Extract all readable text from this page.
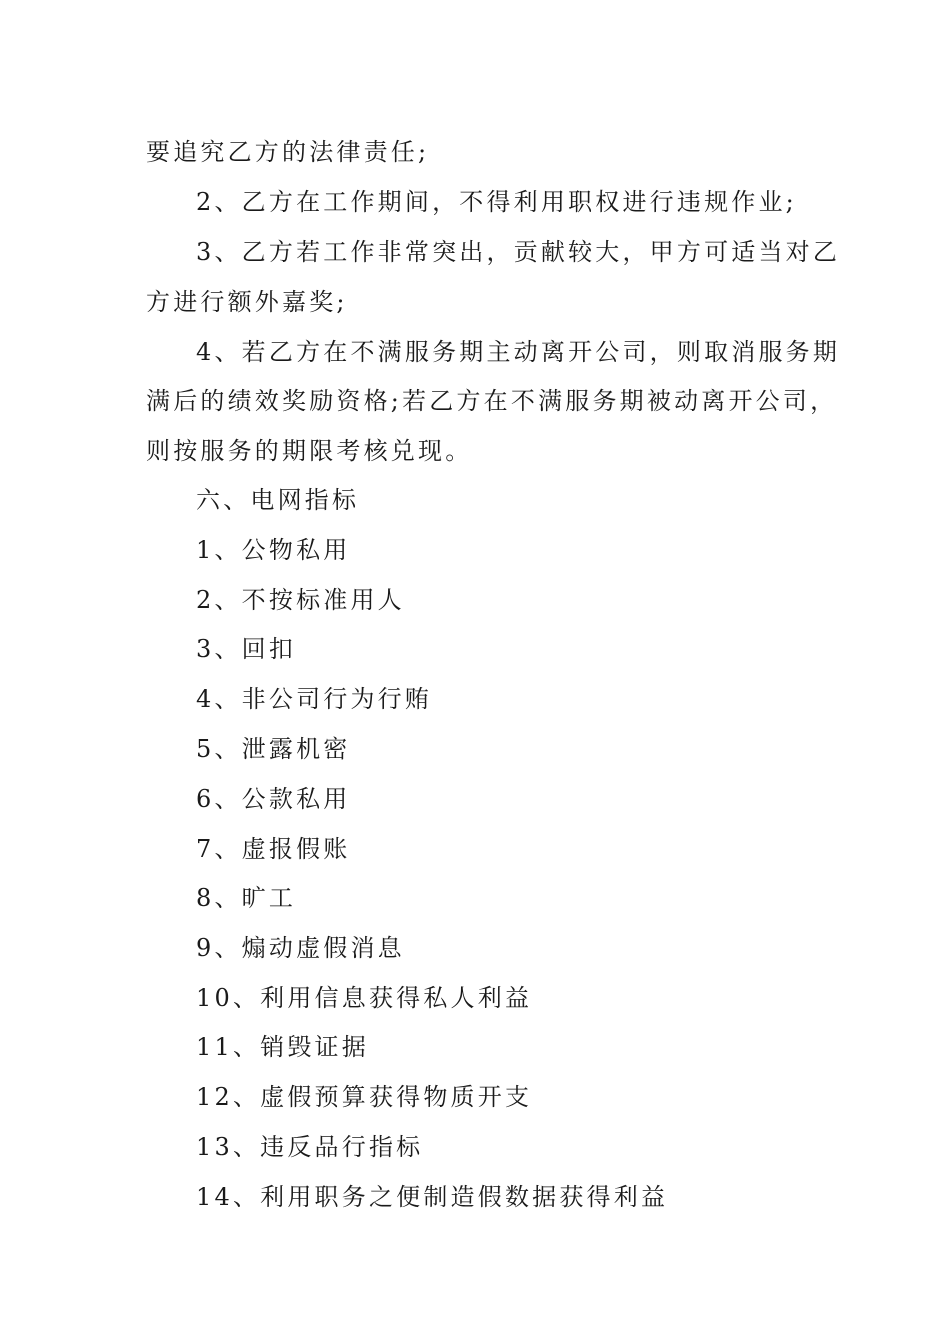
要追究乙方的法律责任;
2、乙方在工作期间，不得利用职权进行违规作业;
3、乙方若工作非常突出，贡献较大，甲方可适当对乙
方进行额外嘉奖;
4、若乙方在不满服务期主动离开公司，则取消服务期
满后的绩效奖励资格;若乙方在不满服务期被动离开公司，
则按服务的期限考核兑现。
六、电网指标
1、公物私用
2、不按标准用人
3、回扣
4、非公司行为行贿
5、泄露机密
6、公款私用
7、虚报假账
8、旷工
9、煽动虚假消息
10、利用信息获得私人利益
11、销毁证据
12、虚假预算获得物质开支
13、违反品行指标
14、利用职务之便制造假数据获得利益
